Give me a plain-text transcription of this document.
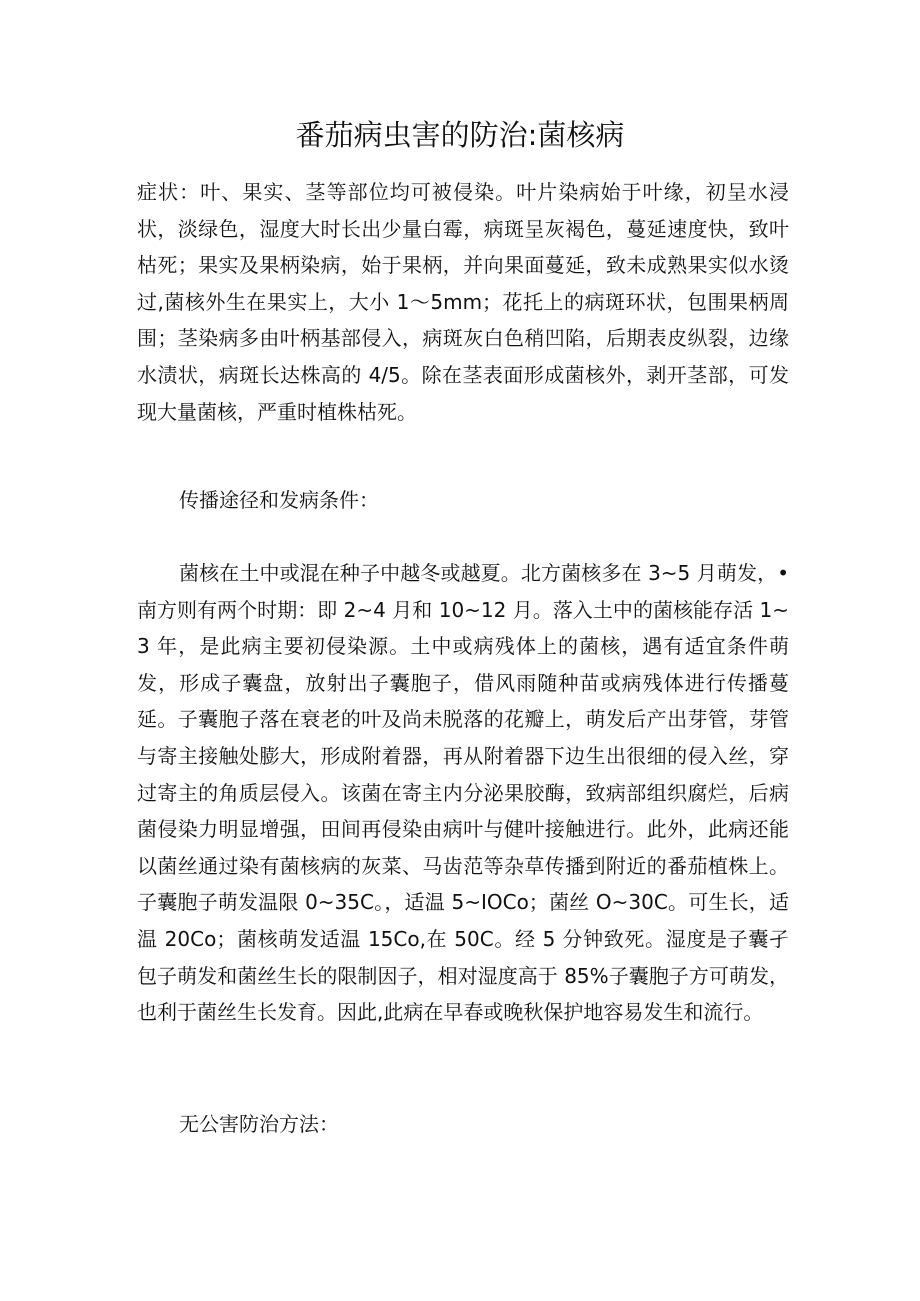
番茄病虫害的防治:菌核病

症状：叶、果实、茎等部位均可被侵染。叶片染病始于叶缘，初呈水浸状，淡绿色，湿度大时长出少量白霉，病斑呈灰褐色，蔓延速度快，致叶枯死；果实及果柄染病，始于果柄，并向果面蔓延，致未成熟果实似水烫过,菌核外生在果实上，大小 1〜5mm；花托上的病斑环状，包围果柄周围；茎染病多由叶柄基部侵入，病斑灰白色稍凹陷，后期表皮纵裂，边缘水渍状，病斑长达株高的 4/5。除在茎表面形成菌核外，剥开茎部，可发现大量菌核，严重时植株枯死。

传播途径和发病条件：

菌核在土中或混在种子中越冬或越夏。北方菌核多在 3~5 月萌发，•南方则有两个时期：即 2~4 月和 10~12 月。落入土中的菌核能存活 1~3 年，是此病主要初侵染源。土中或病残体上的菌核，遇有适宜条件萌发，形成子囊盘，放射出子囊胞子，借风雨随种苗或病残体进行传播蔓延。子囊胞子落在衰老的叶及尚未脱落的花瓣上，萌发后产出芽管，芽管与寄主接触处膨大，形成附着器，再从附着器下边生出很细的侵入丝，穿过寄主的角质层侵入。该菌在寄主内分泌果胶酶，致病部组织腐烂，后病菌侵染力明显增强，田间再侵染由病叶与健叶接触进行。此外，此病还能以菌丝通过染有菌核病的灰菜、马齿范等杂草传播到附近的番茄植株上。子囊胞子萌发温限 0~35C。，适温 5~IOCo；菌丝 O~30C。可生长，适温 20Co；菌核萌发适温 15Co,在 50C。经 5 分钟致死。湿度是子囊孑包子萌发和菌丝生长的限制因子，相对湿度高于 85%子囊胞子方可萌发，也利于菌丝生长发育。因此,此病在早春或晚秋保护地容易发生和流行。

无公害防治方法：
